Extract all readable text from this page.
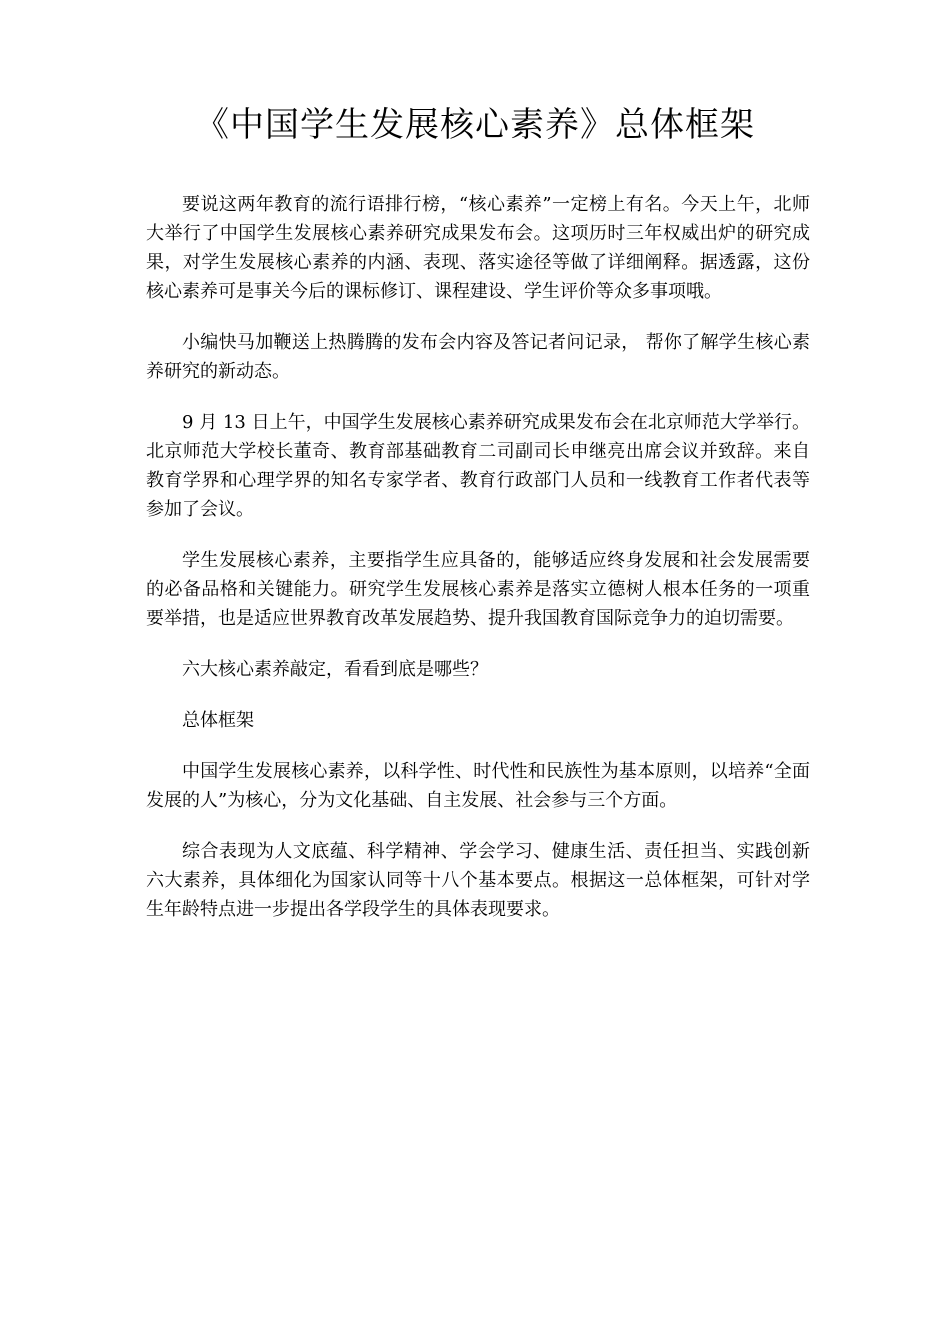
《中国学生发展核心素养》总体框架

要说这两年教育的流行语排行榜，“核心素养”一定榜上有名。今天上午，北师大举行了中国学生发展核心素养研究成果发布会。这项历时三年权威出炉的研究成果，对学生发展核心素养的内涵、表现、落实途径等做了详细阐释。据透露，这份核心素养可是事关今后的课标修订、课程建设、学生评价等众多事项哦。

小编快马加鞭送上热腾腾的发布会内容及答记者问记录， 帮你了解学生核心素养研究的新动态。

9 月 13 日上午，中国学生发展核心素养研究成果发布会在北京师范大学举行。北京师范大学校长董奇、教育部基础教育二司副司长申继亮出席会议并致辞。来自教育学界和心理学界的知名专家学者、教育行政部门人员和一线教育工作者代表等参加了会议。

学生发展核心素养，主要指学生应具备的，能够适应终身发展和社会发展需要的必备品格和关键能力。研究学生发展核心素养是落实立德树人根本任务的一项重要举措，也是适应世界教育改革发展趋势、提升我国教育国际竞争力的迫切需要。

六大核心素养敲定，看看到底是哪些？

总体框架

中国学生发展核心素养，以科学性、时代性和民族性为基本原则，以培养“全面发展的人”为核心，分为文化基础、自主发展、社会参与三个方面。

综合表现为人文底蕴、科学精神、学会学习、健康生活、责任担当、实践创新六大素养，具体细化为国家认同等十八个基本要点。根据这一总体框架，可针对学生年龄特点进一步提出各学段学生的具体表现要求。
